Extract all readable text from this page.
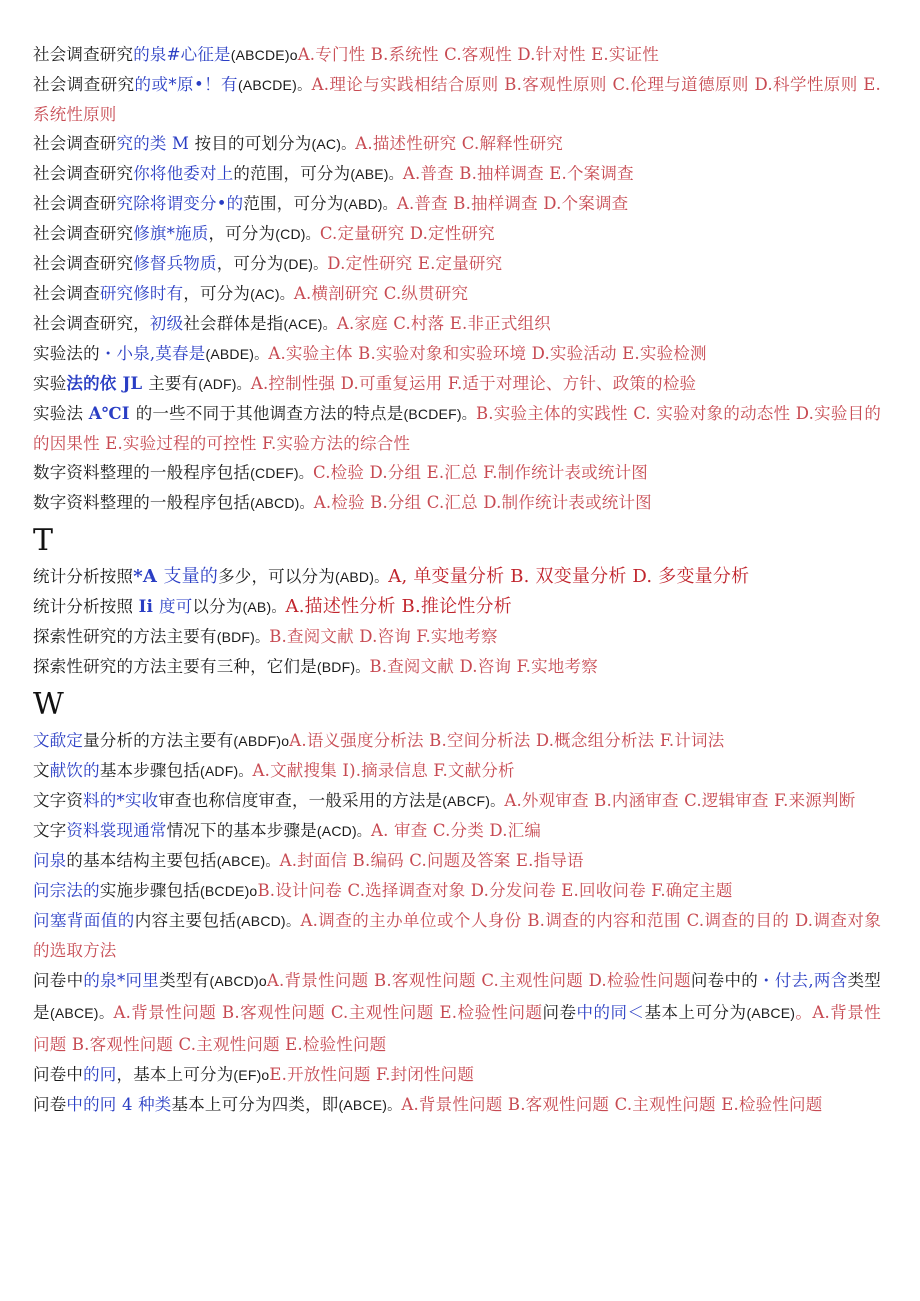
社会调查研究的泉#心征是(ABCDE)oA.专门性 B.系统性 C.客观性 D.针对性 E.实证性

社会调查研究的或*原•！有(ABCDE)。A.理论与实践相结合原则 B.客观性原则 C.伦理与道德原则 D.科学性原则 E.系统性原则

社会调查研究的类 M 按目的可划分为(AC)。A.描述性研究 C.解释性研究

社会调查研究你将他委对上的范围，可分为(ABE)。A.普查 B.抽样调查 E.个案调查

社会调查研究除将谓变分•的范围，可分为(ABD)。A.普查 B.抽样调查 D.个案调查

社会调查研究修旗*施质，可分为(CD)。C.定量研究 D.定性研究

社会调查研究修督兵物质，可分为(DE)。D.定性研究 E.定量研究

社会调查研究修时有，可分为(AC)。A.横剖研究 C.纵贯研究

社会调查研究，初级社会群体是指(ACE)。A.家庭 C.村落 E.非正式组织

实验法的・小泉,莫春是(ABDE)。A.实验主体 B.实验对象和实验环境 D.实验活动 E.实验检测

实验法的依 JL 主要有(ADF)。A.控制性强 D.可重复运用 F.适于对理论、方针、政策的检验

实验法 A℃I 的一些不同于其他调查方法的特点是(BCDEF)。B.实验主体的实践性 C. 实验对象的动态性 D.实验目的的因果性 E.实验过程的可控性 F.实验方法的综合性

数字资料整理的一般程序包括(CDEF)。C.检验 D.分组 E.汇总 F.制作统计表或统计图

数字资料整理的一般程序包括(ABCD)。A.检验 B.分组 C.汇总 D.制作统计表或统计图

T

统计分析按照*A 支量的多少，可以分为(ABD)。A, 单变量分析 B. 双变量分析 D. 多变量分析

统计分析按照 Ii 度可以分为(AB)。A.描述性分析 B.推论性分析

探索性研究的方法主要有(BDF)。B.查阅文献 D.咨询 F.实地考察

探索性研究的方法主要有三种，它们是(BDF)。B.查阅文献 D.咨询 F.实地考察

W

文歃定量分析的方法主要有(ABDF)oA.语义强度分析法 B.空间分析法 D.概念组分析法 F.计词法

文献饮的基本步骤包括(ADF)。A.文献搜集 I).摘录信息 F.文献分析

文字资料的*实收审查也称信度审查，一般采用的方法是(ABCF)。A.外观审查 B.内涵审查 C.逻辑审查 F.来源判断

文字资料裳现通常情况下的基本步骤是(ACD)。A. 审查 C.分类 D.汇编

问泉的基本结构主要包括(ABCE)。A.封面信 B.编码 C.问题及答案 E.指导语

问宗法的实施步骤包括(BCDE)oB.设计问卷 C.选择调查对象 D.分发问卷 E.回收问卷 F.确定主题

问塞背面值的内容主要包括(ABCD)。A.调查的主办单位或个人身份 B.调查的内容和范围 C.调查的目的 D.调查对象的选取方法

问卷中的泉*冋里类型有(ABCD)oA.背景性问题 B.客观性问题 C.主观性问题 D.检验性问题问卷中的・付去,两含类型是(ABCE)。A.背景性问题 B.客观性问题 C.主观性问题 E.检验性问题问卷中的同＜基本上可分为(ABCE)。A.背景性问题 B.客观性问题 C.主观性问题 E.检验性问题

问卷中的冋，基本上可分为(EF)oE.开放性问题 F.封闭性问题

问卷中的冋 4 种类基本上可分为四类，即(ABCE)。A.背景性问题 B.客观性问题 C.主观性问题 E.检验性问题
